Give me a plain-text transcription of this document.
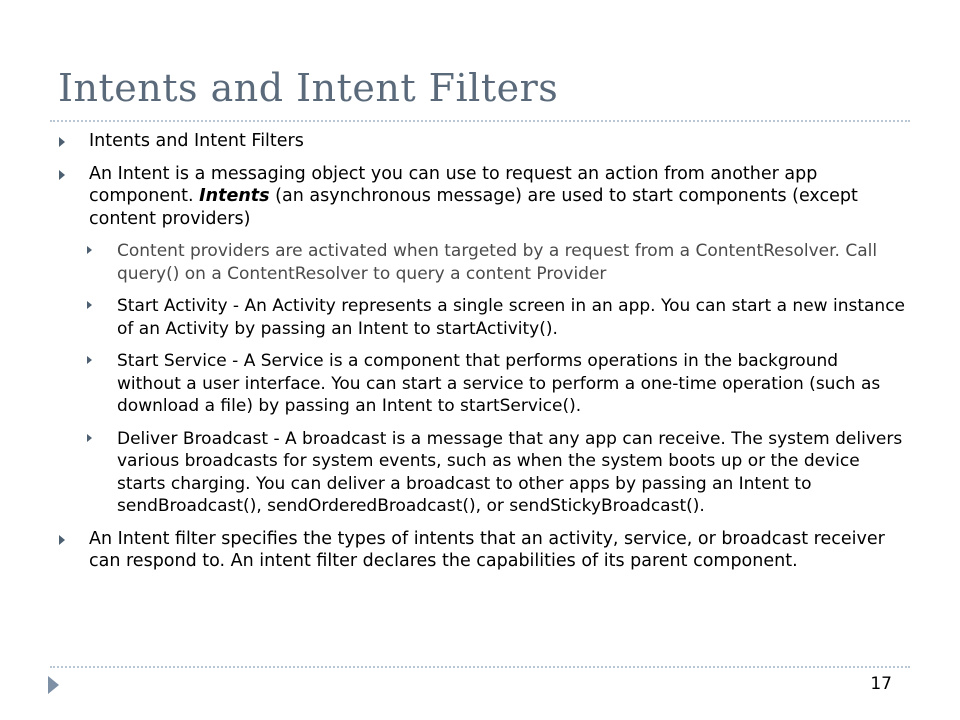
Intents and Intent Filters
Intents and Intent Filters
An Intent is a messaging object you can use to request an action from another app component. Intents (an asynchronous message) are used to start components (except content providers)
Content providers are activated when targeted by a request from a ContentResolver. Call query() on a ContentResolver to query a content Provider
Start Activity - An Activity represents a single screen in an app. You can start a new instance of an Activity by passing an Intent to startActivity().
Start Service - A Service is a component that performs operations in the background without a user interface. You can start a service to perform a one-time operation (such as download a file) by passing an Intent to startService().
Deliver Broadcast - A broadcast is a message that any app can receive. The system delivers various broadcasts for system events, such as when the system boots up or the device starts charging. You can deliver a broadcast to other apps by passing an Intent to sendBroadcast(), sendOrderedBroadcast(), or sendStickyBroadcast().
An Intent filter specifies the types of intents that an activity, service, or broadcast receiver can respond to. An intent filter declares the capabilities of its parent component.
17
